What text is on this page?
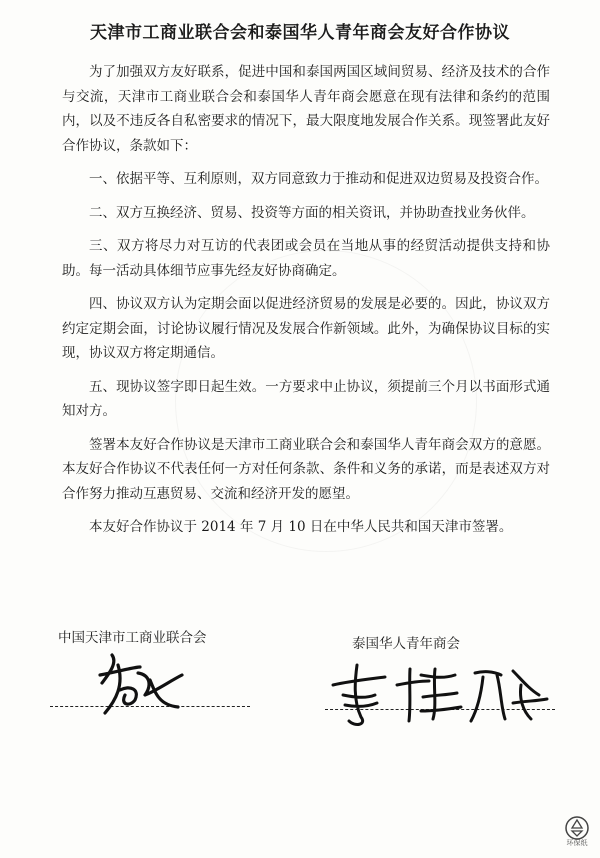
天津市工商业联合会和泰国华人青年商会友好合作协议

为了加强双方友好联系，促进中国和泰国两国区域间贸易、经济及技术的合作与交流，天津市工商业联合会和泰国华人青年商会愿意在现有法律和条约的范围内，以及不违反各自私密要求的情况下，最大限度地发展合作关系。现签署此友好合作协议，条款如下：

一、依据平等、互利原则，双方同意致力于推动和促进双边贸易及投资合作。

二、双方互换经济、贸易、投资等方面的相关资讯，并协助查找业务伙伴。

三、双方将尽力对互访的代表团或会员在当地从事的经贸活动提供支持和协助。每一活动具体细节应事先经友好协商确定。

四、协议双方认为定期会面以促进经济贸易的发展是必要的。因此，协议双方约定定期会面，讨论协议履行情况及发展合作新领域。此外，为确保协议目标的实现，协议双方将定期通信。

五、现协议签字即日起生效。一方要求中止协议，须提前三个月以书面形式通知对方。

签署本友好合作协议是天津市工商业联合会和泰国华人青年商会双方的意愿。本友好合作协议不代表任何一方对任何条款、条件和义务的承诺，而是表述双方对合作努力推动互惠贸易、交流和经济开发的愿望。

本友好合作协议于 2014 年 7 月 10 日在中华人民共和国天津市签署。

中国天津市工商业联合会	泰国华人青年商会
环保纸
